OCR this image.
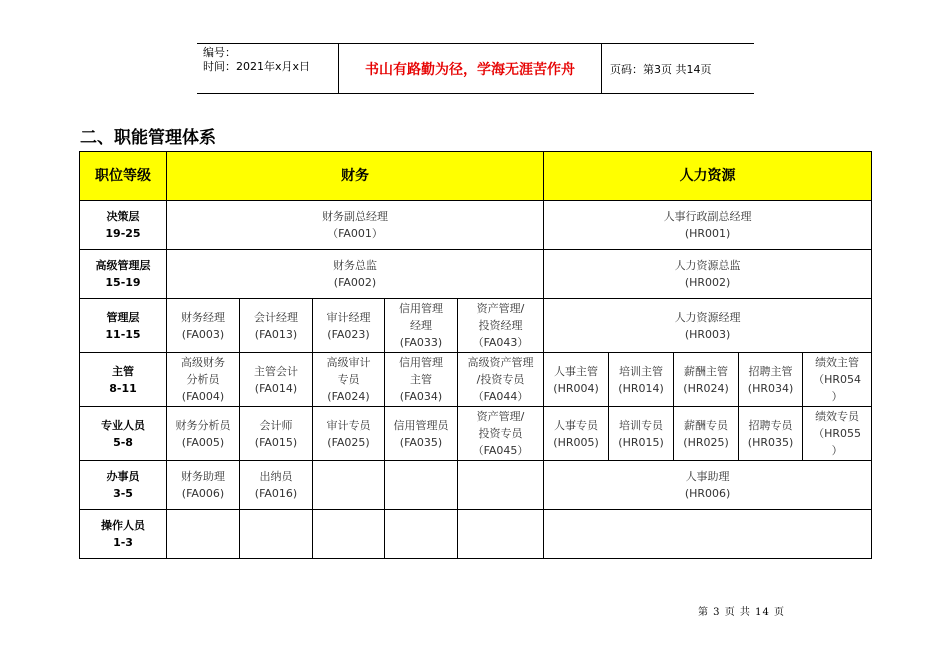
编号：
时间：2021年x月x日	书山有路勤为径，学海无涯苦作舟	页码：第3页 共14页
二、职能管理体系
职位等级	财务					人力资源				

决策层
19-25	财务副总经理
（FA001）					人事行政副总经理
(HR001)				

高级管理层
15-19	财务总监
(FA002)					人力资源总监
(HR002)				

管理层
11-15	财务经理
(FA003)	会计经理
(FA013)	审计经理
(FA023)	信用管理
经理
(FA033)	资产管理/
投资经理
（FA043）	人力资源经理
(HR003)				

主管
8-11	高级财务
分析员
(FA004)	主管会计
(FA014)	高级审计
专员
(FA024)	信用管理
主管
(FA034)	高级资产管理
/投资专员
（FA044）	人事主管
(HR004)	培训主管
(HR014)	薪酬主管
(HR024)	招聘主管
(HR034)	绩效主管
（HR054
）

专业人员
5-8	财务分析员
(FA005)	会计师
(FA015)	审计专员
(FA025)	信用管理员
(FA035)	资产管理/
投资专员
（FA045）	人事专员
(HR005)	培训专员
(HR015)	薪酬专员
(HR025)	招聘专员
(HR035)	绩效专员
（HR055
）

办事员
3-5	财务助理
(FA006)	出纳员
(FA016)				人事助理
(HR006)				

操作人员
1-3										

第 3 页 共 14 页
